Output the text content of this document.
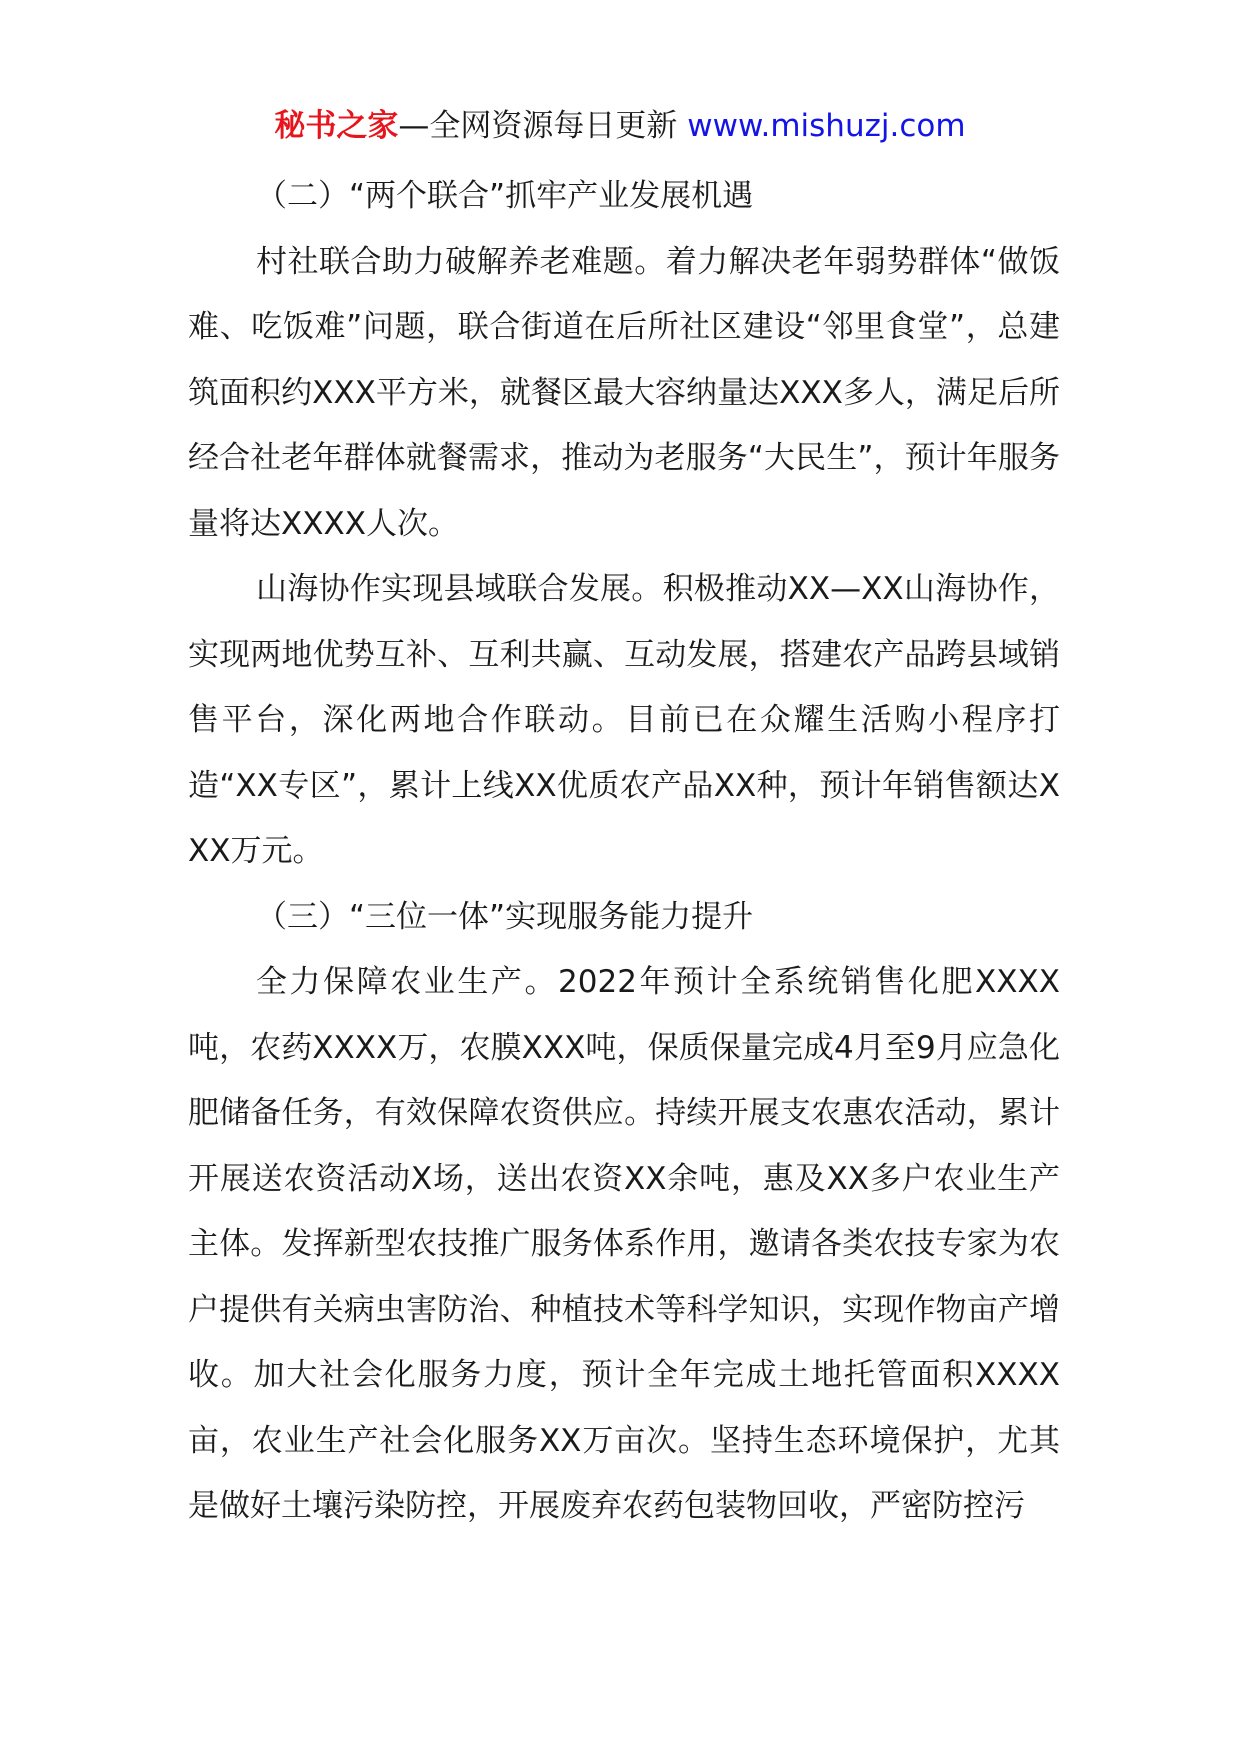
秘书之家—全网资源每日更新 www.mishuzj.com

（二）“两个联合”抓牢产业发展机遇

村社联合助力破解养老难题。着力解决老年弱势群体“做饭难、吃饭难”问题，联合街道在后所社区建设“邻里食堂”，总建筑面积约XXX平方米，就餐区最大容纳量达XXX多人，满足后所经合社老年群体就餐需求，推动为老服务“大民生”，预计年服务量将达XXXX人次。

山海协作实现县域联合发展。积极推动XX—XX山海协作，实现两地优势互补、互利共赢、互动发展，搭建农产品跨县域销售平台，深化两地合作联动。目前已在众耀生活购小程序打造“XX专区”，累计上线XX优质农产品XX种，预计年销售额达XXX万元。

（三）“三位一体”实现服务能力提升

全力保障农业生产。2022年预计全系统销售化肥XXXX吨，农药XXXX万，农膜XXX吨，保质保量完成4月至9月应急化肥储备任务，有效保障农资供应。持续开展支农惠农活动，累计开展送农资活动X场，送出农资XX余吨，惠及XX多户农业生产主体。发挥新型农技推广服务体系作用，邀请各类农技专家为农户提供有关病虫害防治、种植技术等科学知识，实现作物亩产增收。加大社会化服务力度，预计全年完成土地托管面积XXXX亩，农业生产社会化服务XX万亩次。坚持生态环境保护，尤其是做好土壤污染防控，开展废弃农药包装物回收，严密防控污
